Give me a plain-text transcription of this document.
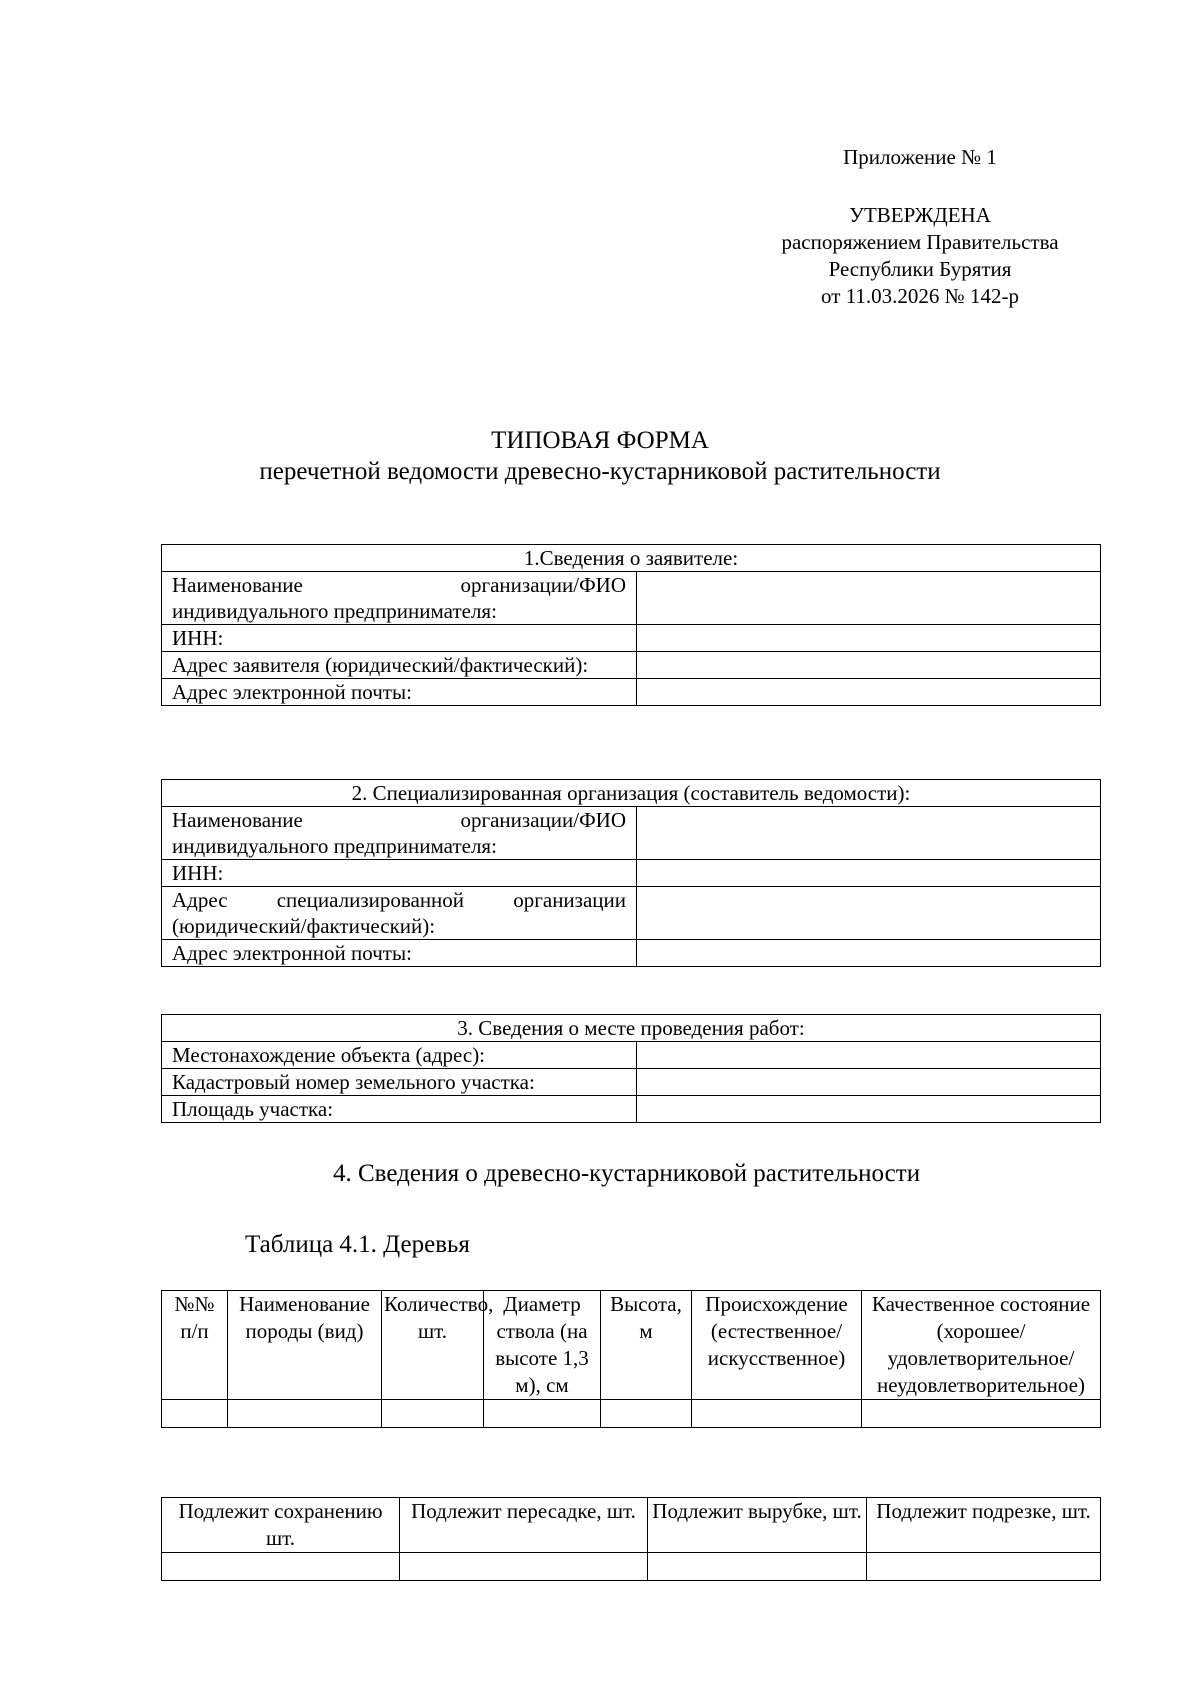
Приложение № 1
УТВЕРЖДЕНА
распоряжением Правительства
Республики Бурятия
от 11.03.2026 № 142-р
ТИПОВАЯ ФОРМА
перечетной ведомости древесно-кустарниковой растительности
1.Сведения о заявителе:	
Наименование организации/ФИО индивидуального предпринимателя:	
ИНН:	
Адрес заявителя (юридический/фактический):	
Адрес электронной почты:	
2. Специализированная организация (составитель ведомости):	
Наименование организации/ФИО индивидуального предпринимателя:	
ИНН:	
Адрес специализированной организации (юридический/фактический):	
Адрес электронной почты:	
3. Сведения о месте проведения работ:	
Местонахождение объекта (адрес):	
Кадастровый номер земельного участка:	
Площадь участка:	
4. Сведения о древесно-кустарниковой растительности
Таблица 4.1. Деревья
№№ п/п	Наименование породы (вид)	Количество, шт.	Диаметр ствола (на высоте 1,3 м), см	Высота, м	Происхождение (естественное/искусственное)	Качественное состояние (хорошее/удовлетворительное/неудовлетворительное)

Подлежит сохранению шт.	Подлежит пересадке, шт.	Подлежит вырубке, шт.	Подлежит подрезке, шт.
